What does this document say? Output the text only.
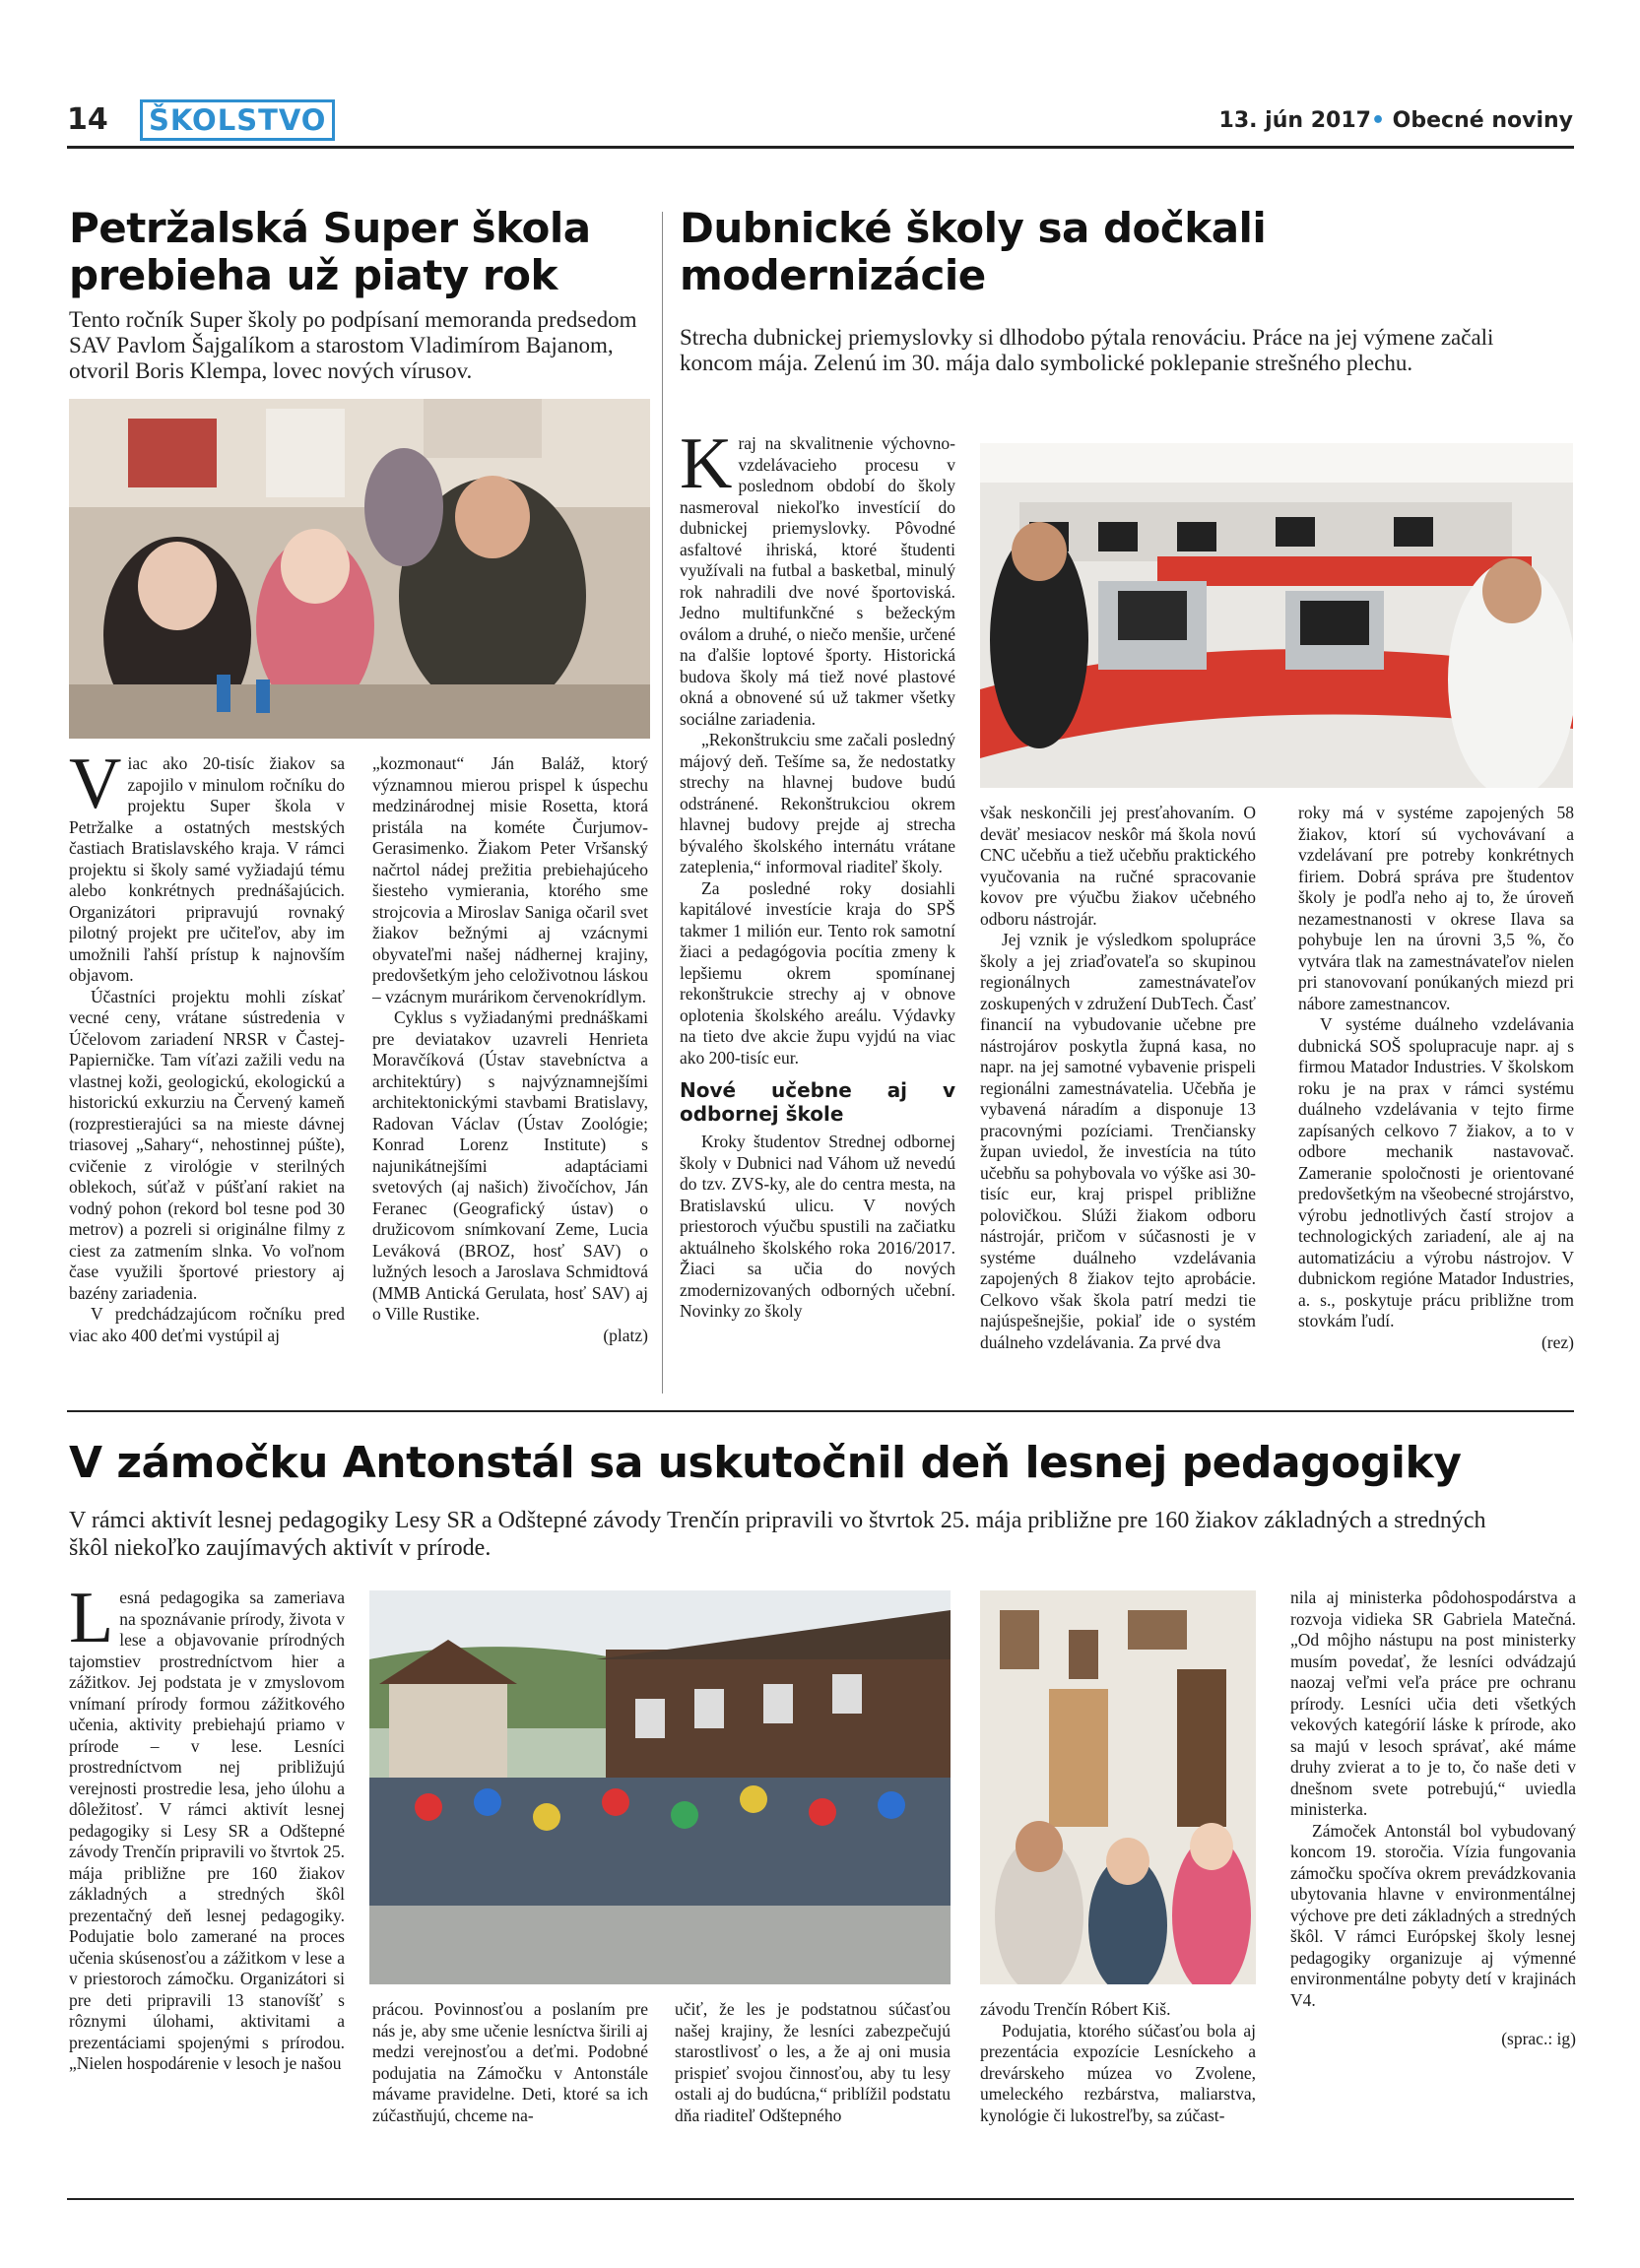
14	ŠKOLSTVO	13. jún 2017• Obecné noviny
Petržalská Super škola prebieha už piaty rok
Tento ročník Super školy po podpísaní memoranda predsedom SAV Pavlom Šajgalíkom a starostom Vladimírom Bajanom, otvoril Boris Klempa, lovec nových vírusov.

Viac ako 20-tisíc žiakov sa zapojilo v minulom ročníku do projektu Super škola v Petržalke a ostatných mestských častiach Bratislavského kraja. V rámci projektu si školy samé vyžiadajú tému alebo konkrétnych prednášajúcich. Organizátori pripravujú rovnaký pilotný projekt pre učiteľov, aby im umožnili ľahší prístup k najnovším objavom.

Účastníci projektu mohli získať vecné ceny, vrátane sústredenia v Účelovom zariadení NRSR v Častej-Papierničke. Tam víťazi zažili vedu na vlastnej koži, geologickú, ekologickú a historickú exkurziu na Červený kameň (rozprestierajúci sa na mieste dávnej triasovej „Sahary“, nehostinnej púšte), cvičenie z virológie v sterilných oblekoch, súťaž v púšťaní rakiet na vodný pohon (rekord bol tesne pod 30 metrov) a pozreli si originálne filmy z ciest za zatmením slnka. Vo voľnom čase využili športové priestory aj bazény zariadenia.

V predchádzajúcom ročníku pred viac ako 400 deťmi vystúpil aj

„kozmonaut“ Ján Baláž, ktorý významnou mierou prispel k úspechu medzinárodnej misie Rosetta, ktorá pristála na kométe Čurjumov-Gerasimenko. Žiakom Peter Vršanský načrtol nádej prežitia prebiehajúceho šiesteho vymierania, ktorého sme strojcovia a Miroslav Saniga očaril svet žiakov bežnými aj vzácnymi obyvateľmi našej nádhernej krajiny, predovšetkým jeho celoživotnou láskou – vzácnym murárikom červenokrídlym.

Cyklus s vyžiadanými prednáškami pre deviatakov uzavreli Henrieta Moravčíková (Ústav stavebníctva a architektúry) s najvýznamnejšími architektonickými stavbami Bratislavy, Radovan Václav (Ústav Zoológie; Konrad Lorenz Institute) s najunikátnejšími adaptáciami svetových (aj našich) živočíchov, Ján Feranec (Geografický ústav) o družicovom snímkovaní Zeme, Lucia Leváková (BROZ, hosť SAV) o lužných lesoch a Jaroslava Schmidtová (MMB Antická Gerulata, hosť SAV) aj o Ville Rustike.

(platz)

Dubnické školy sa dočkali modernizácie
Strecha dubnickej priemyslovky si dlhodobo pýtala renováciu. Práce na jej výmene začali koncom mája. Zelenú im 30. mája dalo symbolické poklepanie strešného plechu.

Kraj na skvalitnenie výchovno-vzdelávacieho procesu v poslednom období do školy nasmeroval niekoľko investícií do dubnickej priemyslovky. Pôvodné asfaltové ihriská, ktoré študenti využívali na futbal a basketbal, minulý rok nahradili dve nové športoviská. Jedno multifunkčné s bežeckým oválom a druhé, o niečo menšie, určené na ďalšie loptové športy. Historická budova školy má tiež nové plastové okná a obnovené sú už takmer všetky sociálne zariadenia.

„Rekonštrukciu sme začali posledný májový deň. Tešíme sa, že nedostatky strechy na hlavnej budove budú odstránené. Rekonštrukciou okrem hlavnej budovy prejde aj strecha bývalého školského internátu vrátane zateplenia,“ informoval riaditeľ školy.

Za posledné roky dosiahli kapitálové investície kraja do SPŠ takmer 1 milión eur. Tento rok samotní žiaci a pedagógovia pocítia zmeny k lepšiemu okrem spomínanej rekonštrukcie strechy aj v obnove oplotenia školského areálu. Výdavky na tieto dve akcie župu vyjdú na viac ako 200-tisíc eur.

Nové učebne aj v odbornej škole

Kroky študentov Strednej odbornej školy v Dubnici nad Váhom už nevedú do tzv. ZVS-ky, ale do centra mesta, na Bratislavskú ulicu. V nových priestoroch výučbu spustili na začiatku aktuálneho školského roka 2016/2017. Žiaci sa učia do nových zmodernizovaných odborných učební. Novinky zo školy

však neskončili jej presťahovaním. O deväť mesiacov neskôr má škola novú CNC učebňu a tiež učebňu praktického vyučovania na ručné spracovanie kovov pre výučbu žiakov učebného odboru nástrojár.

Jej vznik je výsledkom spolupráce školy a jej zriaďovateľa so skupinou regionálnych zamestnávateľov zoskupených v združení DubTech. Časť financií na vybudovanie učebne pre nástrojárov poskytla župná kasa, no napr. na jej samotné vybavenie prispeli regionálni zamestnávatelia. Učebňa je vybavená náradím a disponuje 13 pracovnými pozíciami. Trenčiansky župan uviedol, že investícia na túto učebňu sa pohybovala vo výške asi 30-tisíc eur, kraj prispel približne polovičkou. Slúži žiakom odboru nástrojár, pričom v súčasnosti je v systéme duálneho vzdelávania zapojených 8 žiakov tejto aprobácie. Celkovo však škola patrí medzi tie najúspešnejšie, pokiaľ ide o systém duálneho vzdelávania. Za prvé dva

roky má v systéme zapojených 58 žiakov, ktorí sú vychovávaní a vzdelávaní pre potreby konkrétnych firiem. Dobrá správa pre študentov školy je podľa neho aj to, že úroveň nezamestnanosti v okrese Ilava sa pohybuje len na úrovni 3,5 %, čo vytvára tlak na zamestnávateľov nielen pri stanovovaní ponúkaných miezd pri nábore zamestnancov.

V systéme duálneho vzdelávania dubnická SOŠ spolupracuje napr. aj s firmou Matador Industries. V školskom roku je na prax v rámci systému duálneho vzdelávania v tejto firme zapísaných celkovo 7 žiakov, a to v odbore mechanik nastavovač. Zameranie spoločnosti je orientované predovšetkým na všeobecné strojárstvo, výrobu jednotlivých častí strojov a technologických zariadení, ale aj na automatizáciu a výrobu nástrojov. V dubnickom regióne Matador Industries, a. s., poskytuje prácu približne trom stovkám ľudí.

(rez)

V zámočku Antonstál sa uskutočnil deň lesnej pedagogiky
V rámci aktivít lesnej pedagogiky Lesy SR a Odštepné závody Trenčín pripravili vo štvrtok 25. mája približne pre 160 žiakov základných a stredných škôl niekoľko zaujímavých aktivít v prírode.

Lesná pedagogika sa zameriava na spoznávanie prírody, života v lese a objavovanie prírodných tajomstiev prostredníctvom hier a zážitkov. Jej podstata je v zmyslovom vnímaní prírody formou zážitkového učenia, aktivity prebiehajú priamo v prírode – v lese. Lesníci prostredníctvom nej približujú verejnosti prostredie lesa, jeho úlohu a dôležitosť. V rámci aktivít lesnej pedagogiky si Lesy SR a Odštepné závody Trenčín pripravili vo štvrtok 25. mája približne pre 160 žiakov základných a stredných škôl prezentačný deň lesnej pedagogiky. Podujatie bolo zamerané na proces učenia skúsenosťou a zážitkom v lese a v priestoroch zámočku. Organizátori si pre deti pripravili 13 stanovíšť s rôznymi úlohami, aktivitami a prezentáciami spojenými s prírodou. „Nielen hospodárenie v lesoch je našou

prácou. Povinnosťou a poslaním pre nás je, aby sme učenie lesníctva širili aj medzi verejnosťou a deťmi. Podobné podujatia na Zámočku v Antonstále mávame pravidelne. Deti, ktoré sa ich zúčastňujú, chceme na-

učiť, že les je podstatnou súčasťou našej krajiny, že lesníci zabezpečujú starostlivosť o les, a že aj oni musia prispieť svojou činnosťou, aby tu lesy ostali aj do budúcna,“ priblížil podstatu dňa riaditeľ Odštepného

závodu Trenčín Róbert Kiš.

Podujatia, ktorého súčasťou bola aj prezentácia expozície Lesníckeho a drevárskeho múzea vo Zvolene, umeleckého rezbárstva, maliarstva, kynológie či lukostreľby, sa zúčast-

nila aj ministerka pôdohospodárstva a rozvoja vidieka SR Gabriela Matečná. „Od môjho nástupu na post ministerky musím povedať, že lesníci odvádzajú naozaj veľmi veľa práce pre ochranu prírody. Lesníci učia deti všetkých vekových kategórií láske k prírode, ako sa majú v lesoch správať, aké máme druhy zvierat a to je to, čo naše deti v dnešnom svete potrebujú,“ uviedla ministerka.

Zámoček Antonstál bol vybudovaný koncom 19. storočia. Vízia fungovania zámočku spočíva okrem prevádzkovania ubytovania hlavne v environmentálnej výchove pre deti základných a stredných škôl. V rámci Európskej školy lesnej pedagogiky organizuje aj výmenné environmentálne pobyty detí v krajinách V4.

(sprac.: ig)
